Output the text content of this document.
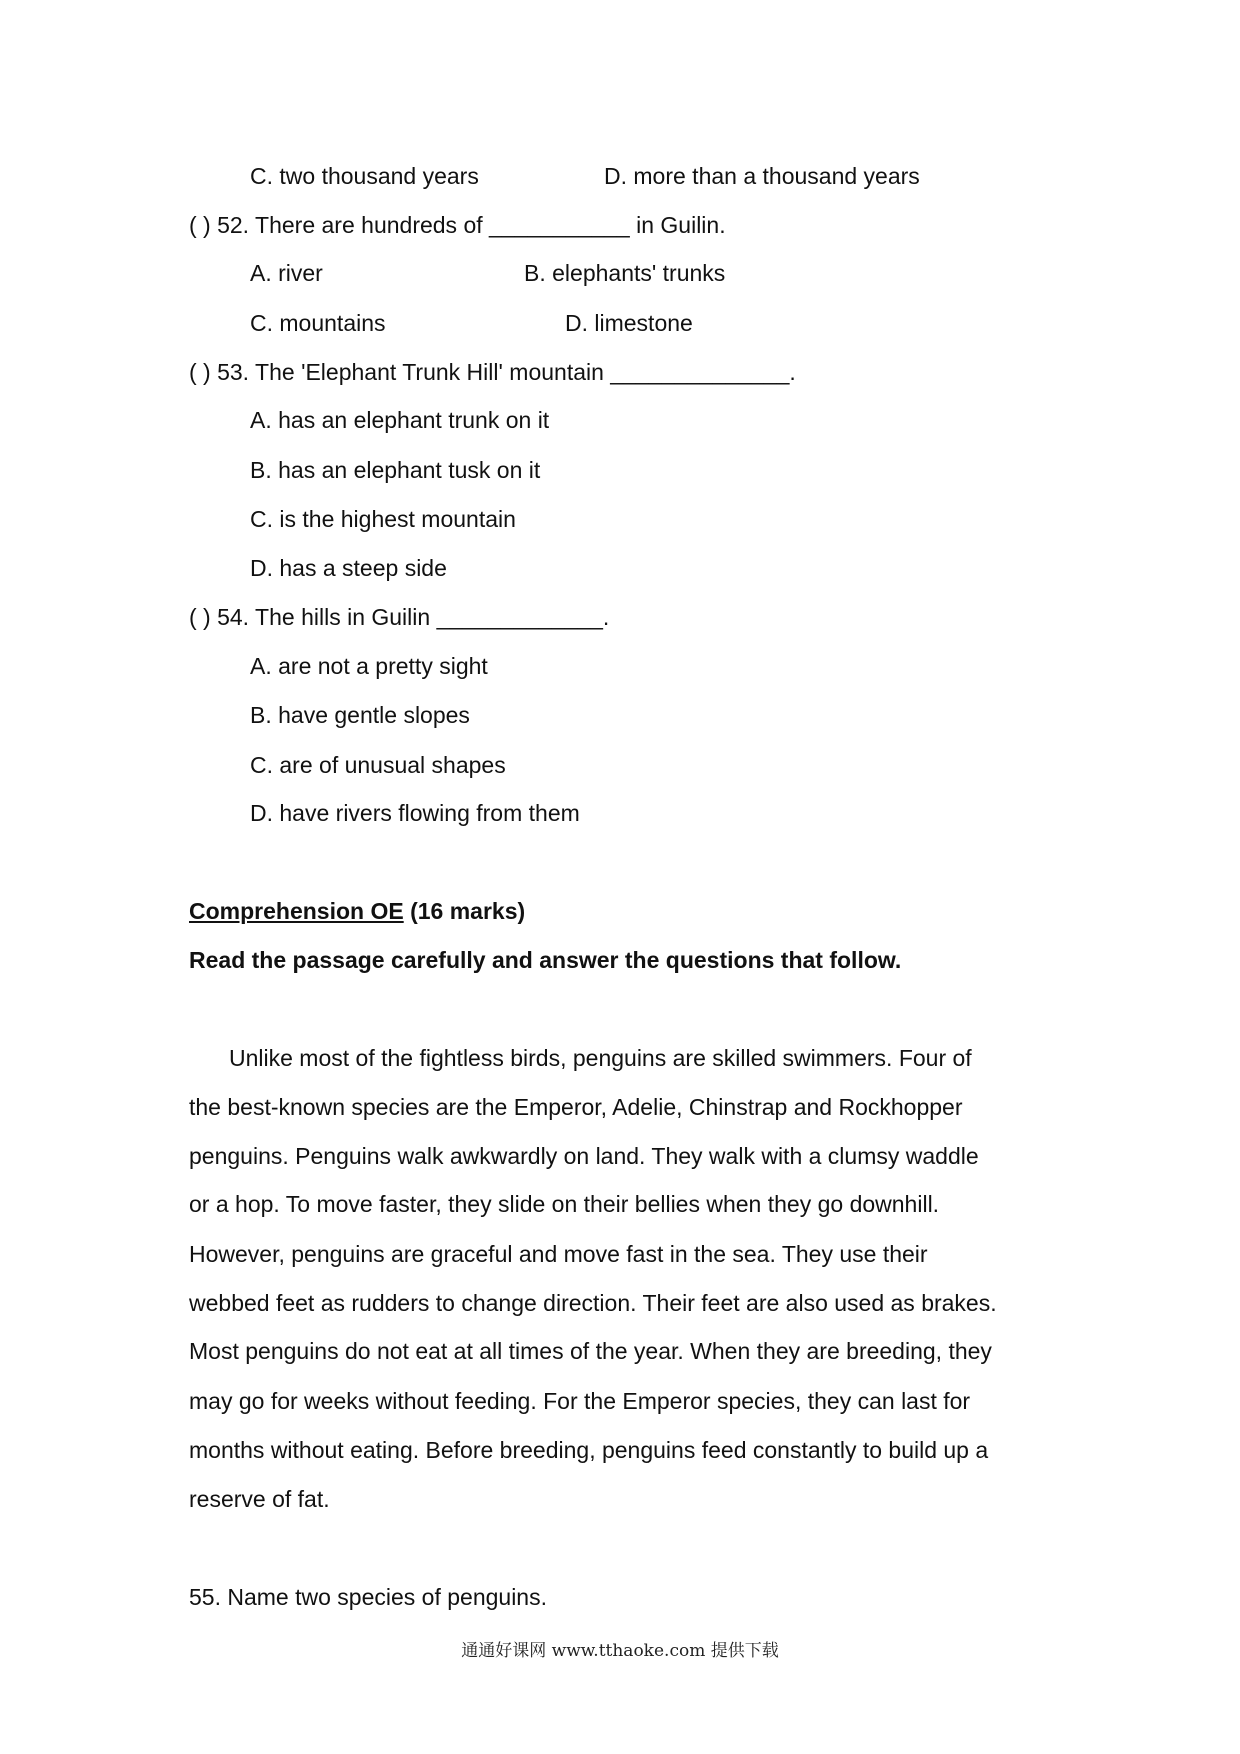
C. two thousand years	D. more than a thousand years
( ) 52. There are hundreds of ___________ in Guilin.
A. river	B. elephants' trunks
C. mountains	D. limestone
( ) 53. The 'Elephant Trunk Hill' mountain ______________.
A. has an elephant trunk on it
B. has an elephant tusk on it
C. is the highest mountain
D. has a steep side
( ) 54. The hills in Guilin _____________.
A. are not a pretty sight
B. have gentle slopes
C. are of unusual shapes
D. have rivers flowing from them
Comprehension OE (16 marks)
Read the passage carefully and answer the questions that follow.
Unlike most of the fightless birds, penguins are skilled swimmers. Four of
the best-known species are the Emperor, Adelie, Chinstrap and Rockhopper
penguins. Penguins walk awkwardly on land. They walk with a clumsy waddle
or a hop. To move faster, they slide on their bellies when they go downhill.
However, penguins are graceful and move fast in the sea. They use their
webbed feet as rudders to change direction. Their feet are also used as brakes.
Most penguins do not eat at all times of the year. When they are breeding, they
may go for weeks without feeding. For the Emperor species, they can last for
months without eating. Before breeding, penguins feed constantly to build up a
reserve of fat.
55. Name two species of penguins.
通通好课网 www.tthaoke.com 提供下载
